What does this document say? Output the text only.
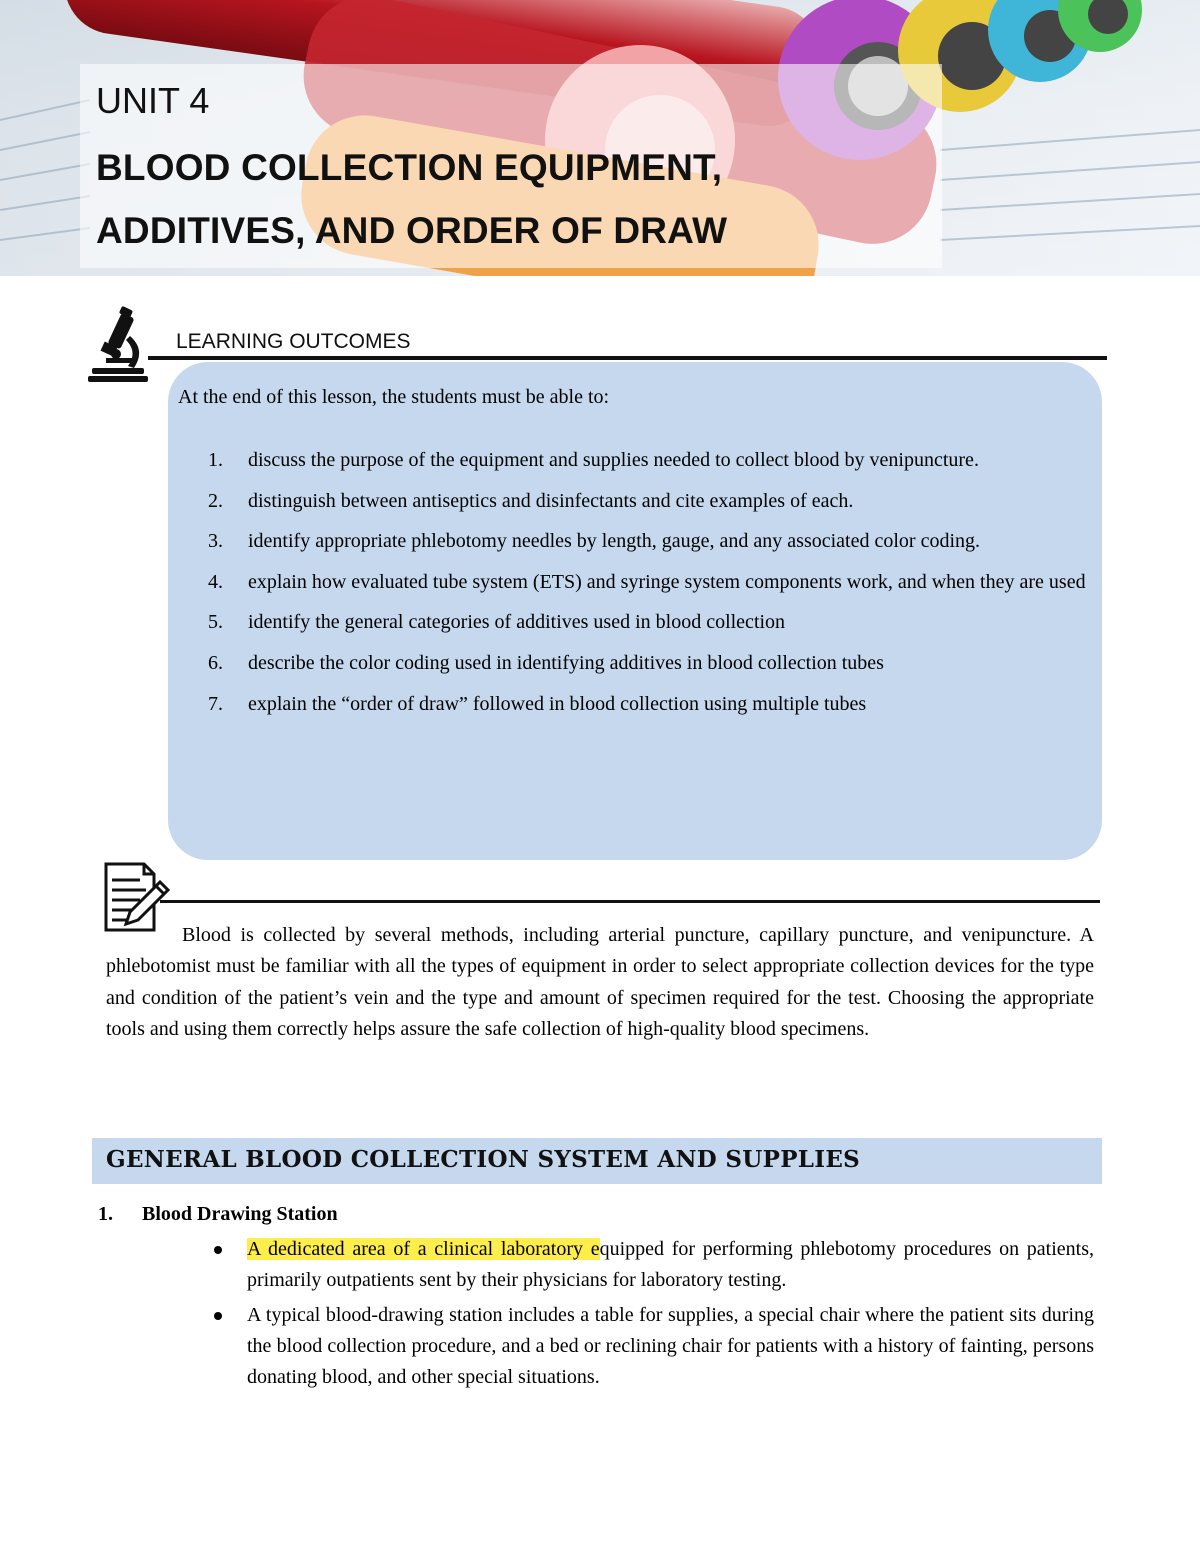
UNIT 4
BLOOD COLLECTION EQUIPMENT,
ADDITIVES, AND ORDER OF DRAW
LEARNING OUTCOMES
At the end of this lesson, the students must be able to:
1. discuss the purpose of the equipment and supplies needed to collect blood by venipuncture.
2. distinguish between antiseptics and disinfectants and cite examples of each.
3. identify appropriate phlebotomy needles by length, gauge, and any associated color coding.
4. explain how evaluated tube system (ETS) and syringe system components work, and when they are used
5. identify the general categories of additives used in blood collection
6. describe the color coding used in identifying additives in blood collection tubes
7. explain the “order of draw” followed in blood collection using multiple tubes

Blood is collected by several methods, including arterial puncture, capillary puncture, and venipuncture. A phlebotomist must be familiar with all the types of equipment in order to select appropriate collection devices for the type and condition of the patient’s vein and the type and amount of specimen required for the test. Choosing the appropriate tools and using them correctly helps assure the safe collection of high-quality blood specimens.

GENERAL BLOOD COLLECTION SYSTEM AND SUPPLIES
1. Blood Drawing Station
A dedicated area of a clinical laboratory equipped for performing phlebotomy procedures on patients, primarily outpatients sent by their physicians for laboratory testing.
A typical blood-drawing station includes a table for supplies, a special chair where the patient sits during the blood collection procedure, and a bed or reclining chair for patients with a history of fainting, persons donating blood, and other special situations.
